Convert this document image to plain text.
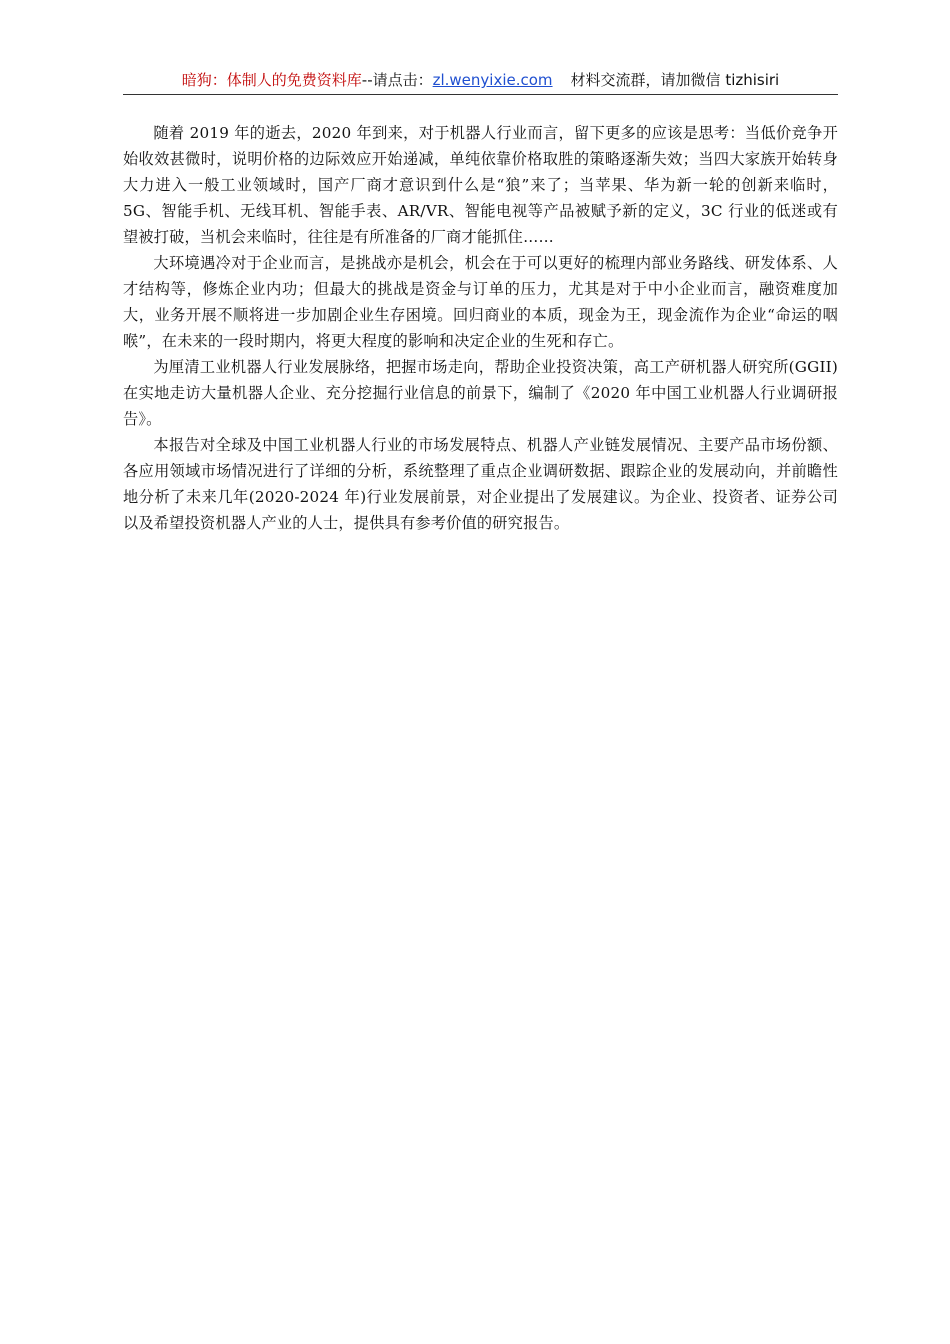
暗狗：体制人的免费资料库--请点击：zl.wenyixie.com 材料交流群，请加微信 tizhisiri

随着 2019 年的逝去，2020 年到来，对于机器人行业而言，留下更多的应该是思考：当低价竞争开始收效甚微时，说明价格的边际效应开始递减，单纯依靠价格取胜的策略逐渐失效；当四大家族开始转身大力进入一般工业领域时，国产厂商才意识到什么是“狼”来了；当苹果、华为新一轮的创新来临时，5G、智能手机、无线耳机、智能手表、AR/VR、智能电视等产品被赋予新的定义，3C 行业的低迷或有望被打破，当机会来临时，往往是有所准备的厂商才能抓住……

大环境遇冷对于企业而言，是挑战亦是机会，机会在于可以更好的梳理内部业务路线、研发体系、人才结构等，修炼企业内功；但最大的挑战是资金与订单的压力，尤其是对于中小企业而言，融资难度加大，业务开展不顺将进一步加剧企业生存困境。回归商业的本质，现金为王，现金流作为企业“命运的咽喉”，在未来的一段时期内，将更大程度的影响和决定企业的生死和存亡。

为厘清工业机器人行业发展脉络，把握市场走向，帮助企业投资决策，高工产研机器人研究所(GGII)在实地走访大量机器人企业、充分挖掘行业信息的前景下，编制了《2020 年中国工业机器人行业调研报告》。

本报告对全球及中国工业机器人行业的市场发展特点、机器人产业链发展情况、主要产品市场份额、各应用领域市场情况进行了详细的分析，系统整理了重点企业调研数据、跟踪企业的发展动向，并前瞻性地分析了未来几年(2020-2024 年)行业发展前景，对企业提出了发展建议。为企业、投资者、证券公司以及希望投资机器人产业的人士，提供具有参考价值的研究报告。
